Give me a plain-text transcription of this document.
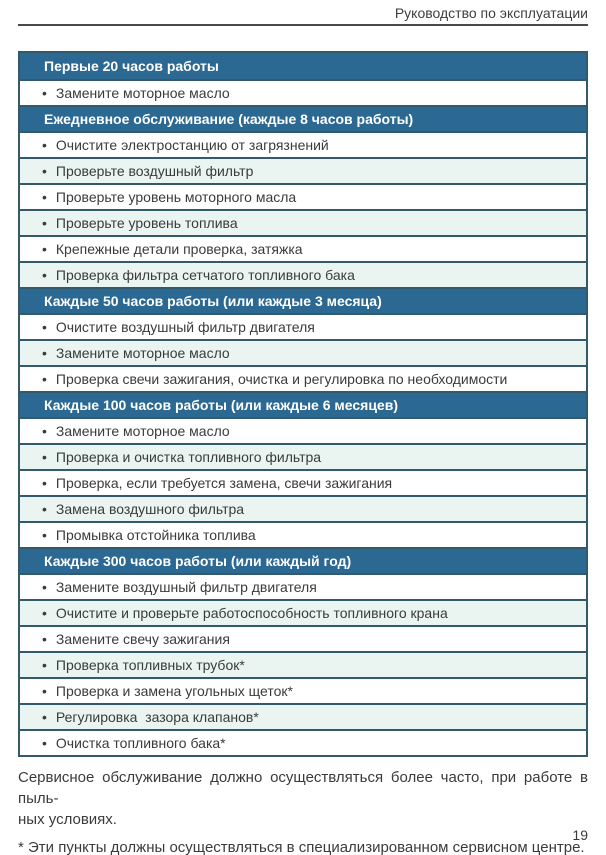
Руководство по эксплуатации
Первые 20 часов работы
• Замените моторное масло
Ежедневное обслуживание (каждые 8 часов работы)
• Очистите электростанцию от загрязнений
• Проверьте воздушный фильтр
• Проверьте уровень моторного масла
• Проверьте уровень топлива
• Крепежные детали проверка, затяжка
• Проверка фильтра сетчатого топливного бака
Каждые 50 часов работы (или каждые 3 месяца)
• Очистите воздушный фильтр двигателя
• Замените моторное масло
• Проверка свечи зажигания, очистка и регулировка по необходимости
Каждые 100 часов работы (или каждые 6 месяцев)
• Замените моторное масло
• Проверка и очистка топливного фильтра
• Проверка, если требуется замена, свечи зажигания
• Замена воздушного фильтра
• Промывка отстойника топлива
Каждые 300 часов работы (или каждый год)
• Замените воздушный фильтр двигателя
• Очистите и проверьте работоспособность топливного крана
• Замените свечу зажигания
• Проверка топливных трубок*
• Проверка и замена угольных щеток*
• Регулировка  зазора клапанов*
• Очистка топливного бака*

Сервисное обслуживание должно осуществляться более часто, при работе в пыль-
ных условиях.

* Эти пункты должны осуществляться в специализированном сервисном центре.

19
